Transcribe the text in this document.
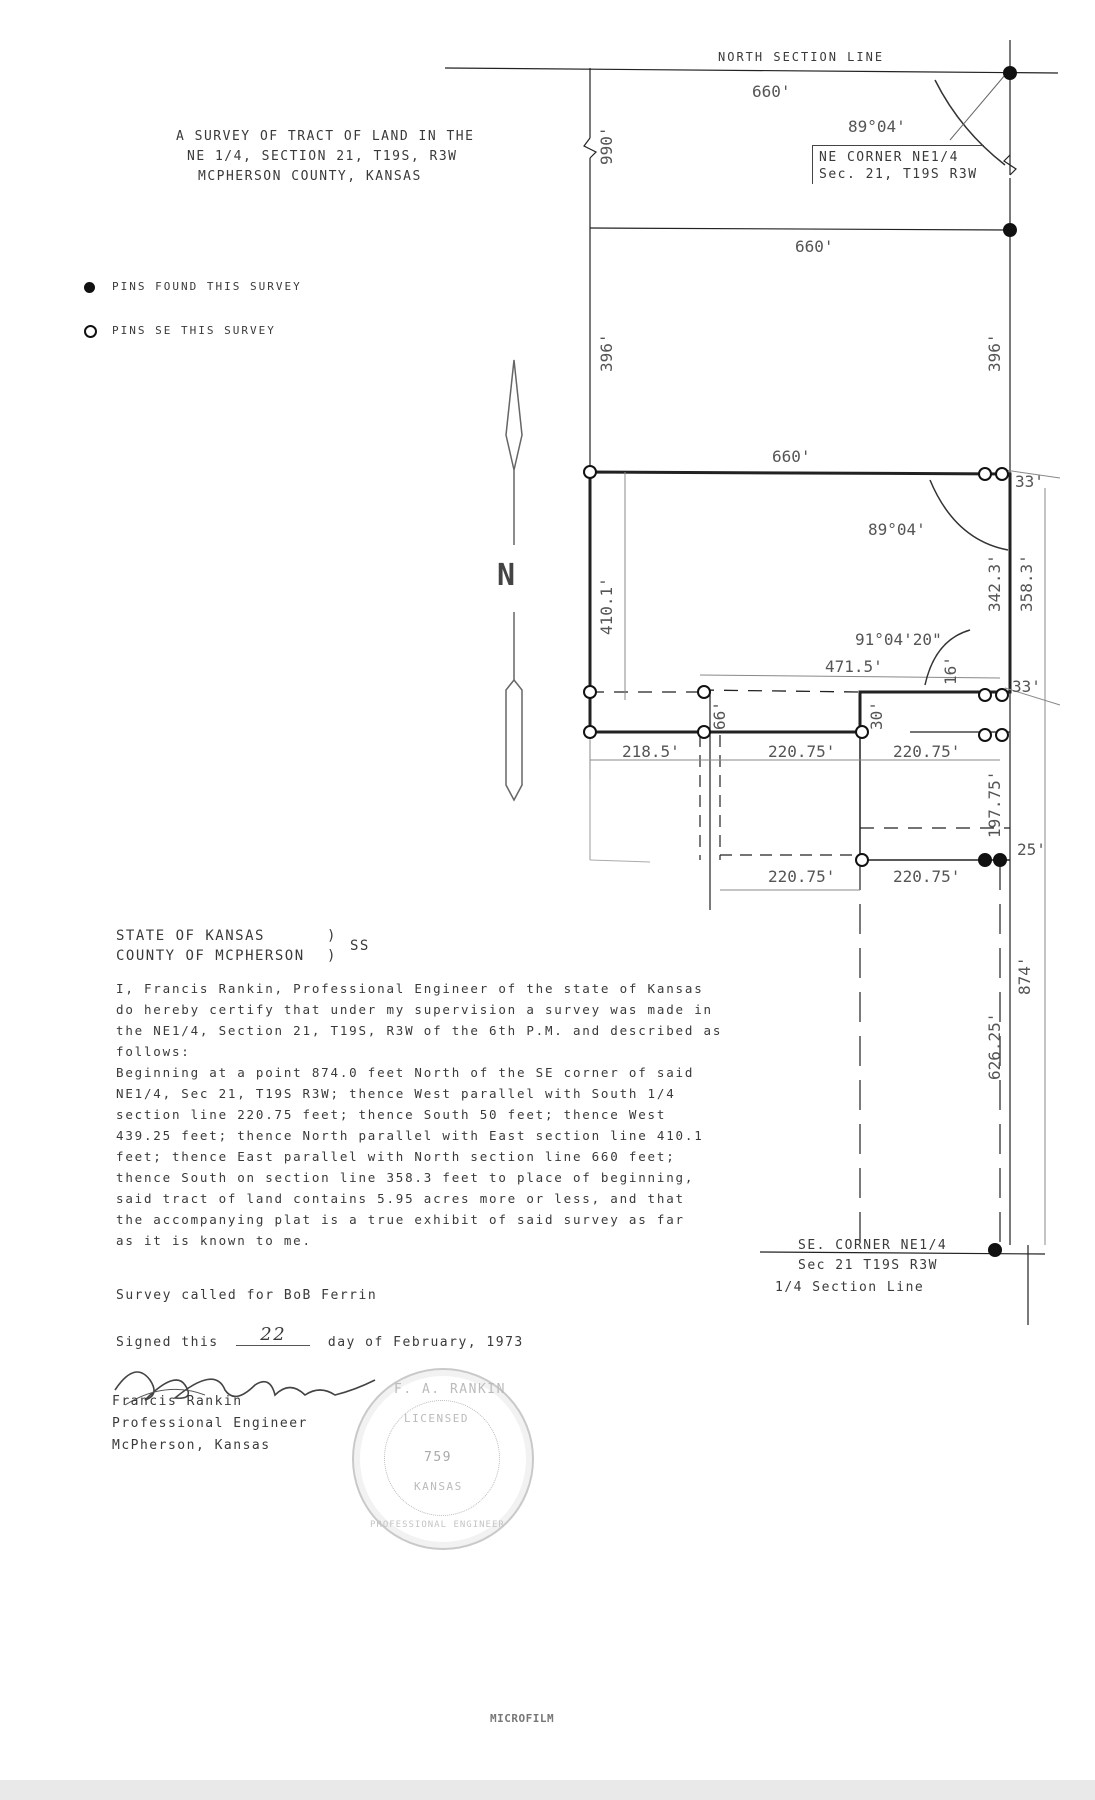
A SURVEY OF TRACT OF LAND IN THE
NE 1/4, SECTION 21, T19S, R3W
MCPHERSON COUNTY, KANSAS
PINS FOUND THIS SURVEY
PINS SE THIS SURVEY
660'
990'	89°04'
660'
396'	396'
660'
33'
89°04'
410.1'	342.3' 358.3'
91°04'20"
471.5'	16'
33'
66'	30'
218.5'	220.75'	220.75'
197.75'
25'
220.75'	220.75'
874'
626.25'
NORTH SECTION LINE
NE CORNER NE1/4
Sec. 21, T19S R3W
SE. CORNER NE1/4
Sec 21 T19S R3W
1/4 Section Line
N
STATE OF KANSAS	)
COUNTY OF MCPHERSON )
SS
I, Francis Rankin, Professional Engineer of the state of Kansas
do hereby certify that under my supervision a survey was made in
the NE1/4, Section 21, T19S, R3W of the 6th P.M. and described as
follows:
Beginning at a point 874.0 feet North of the SE corner of said
NE1/4, Sec 21, T19S R3W; thence West parallel with South 1/4
section line 220.75 feet; thence South 50 feet; thence West
439.25 feet; thence North parallel with East section line 410.1
feet; thence East parallel with North section line 660 feet;
thence South on section line 358.3 feet to place of beginning,
said tract of land contains 5.95 acres more or less, and that
the accompanying plat is a true exhibit of said survey as far
as it is known to me.
Survey called for BoB Ferrin
Signed this 22	day of February, 1973
Francis Rankin
Professional Engineer
McPherson, Kansas
F. A. RANKIN
LICENSED
759
KANSAS
PROFESSIONAL ENGINEER
MICROFILM
